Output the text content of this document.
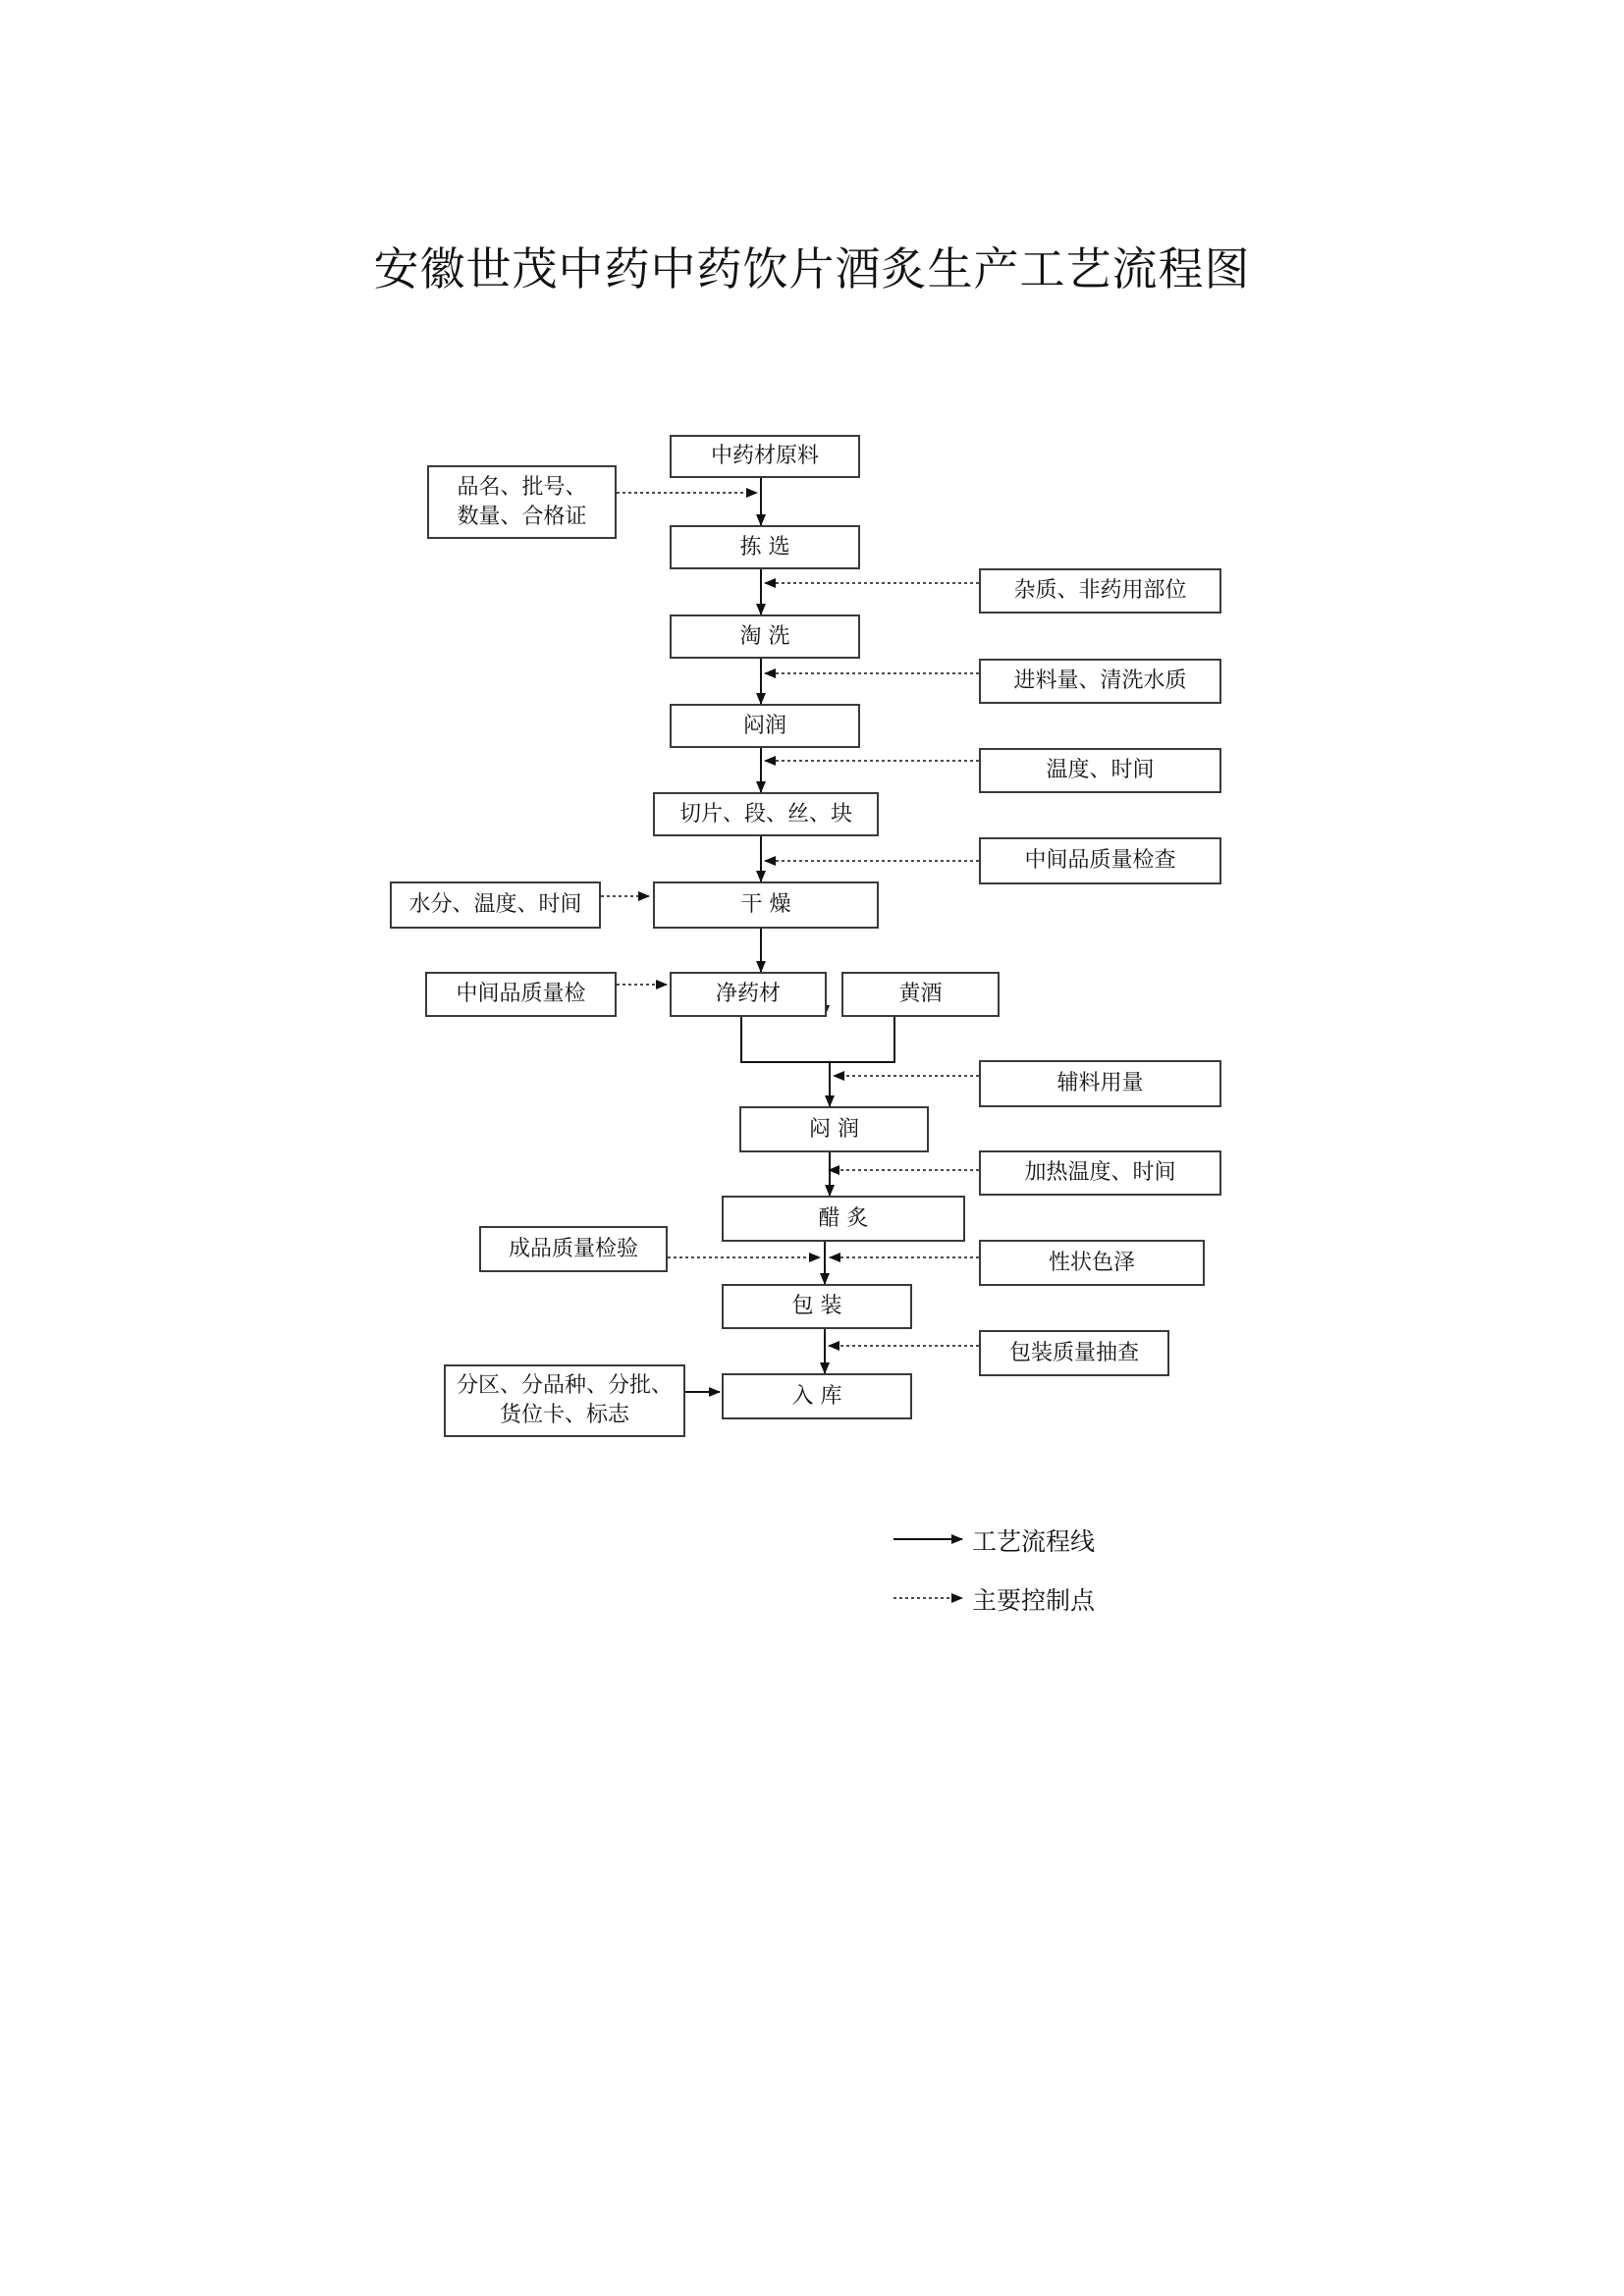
安徽世茂中药中药饮片酒炙生产工艺流程图
中药材原料
拣 选
淘 洗
闷润
切片、段、丝、块
干 燥
净药材	黄酒
闷 润
醋 炙
包 装
入 库
品名、批号、
数量、合格证
杂质、非药用部位
进料量、清洗水质
温度、时间
中间品质量检查
水分、温度、时间
中间品质量检
辅料用量
加热温度、时间
成品质量检验
性状色泽
包装质量抽查
分区、分品种、分批、
货位卡、标志
工艺流程线
主要控制点
